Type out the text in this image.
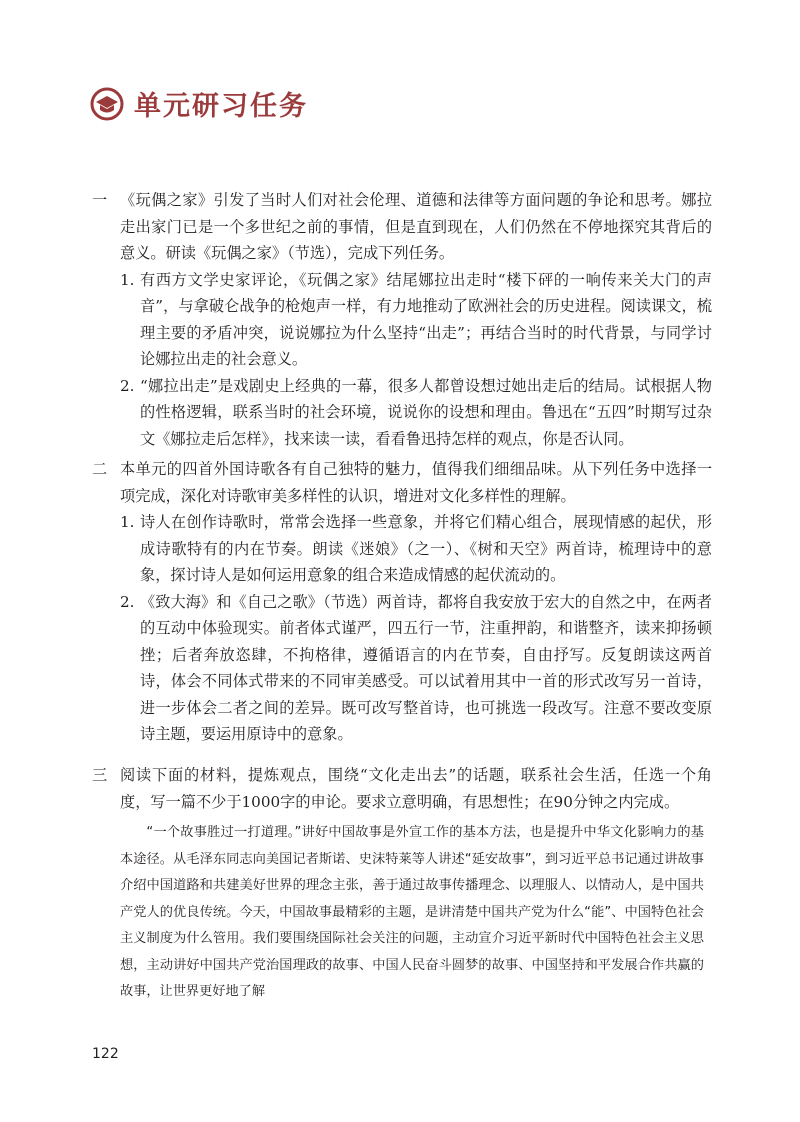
单元研习任务
一 《玩偶之家》引发了当时人们对社会伦理、道德和法律等方面问题的争论和思考。娜拉走出家门已是一个多世纪之前的事情，但是直到现在，人们仍然在不停地探究其背后的意义。研读《玩偶之家》（节选），完成下列任务。
1. 有西方文学史家评论，《玩偶之家》结尾娜拉出走时“楼下砰的一响传来关大门的声音”，与拿破仑战争的枪炮声一样，有力地推动了欧洲社会的历史进程。阅读课文，梳理主要的矛盾冲突，说说娜拉为什么坚持“出走”；再结合当时的时代背景，与同学讨论娜拉出走的社会意义。
2. “娜拉出走”是戏剧史上经典的一幕，很多人都曾设想过她出走后的结局。试根据人物的性格逻辑，联系当时的社会环境，说说你的设想和理由。鲁迅在“五四”时期写过杂文《娜拉走后怎样》，找来读一读，看看鲁迅持怎样的观点，你是否认同。
二 本单元的四首外国诗歌各有自己独特的魅力，值得我们细细品味。从下列任务中选择一项完成，深化对诗歌审美多样性的认识，增进对文化多样性的理解。
1. 诗人在创作诗歌时，常常会选择一些意象，并将它们精心组合，展现情感的起伏，形成诗歌特有的内在节奏。朗读《迷娘》（之一）、《树和天空》两首诗，梳理诗中的意象，探讨诗人是如何运用意象的组合来造成情感的起伏流动的。
2. 《致大海》和《自己之歌》（节选）两首诗，都将自我安放于宏大的自然之中，在两者的互动中体验现实。前者体式谨严，四五行一节，注重押韵，和谐整齐，读来抑扬顿挫；后者奔放恣肆，不拘格律，遵循语言的内在节奏，自由抒写。反复朗读这两首诗，体会不同体式带来的不同审美感受。可以试着用其中一首的形式改写另一首诗，进一步体会二者之间的差异。既可改写整首诗，也可挑选一段改写。注意不要改变原诗主题，要运用原诗中的意象。
三 阅读下面的材料，提炼观点，围绕“文化走出去”的话题，联系社会生活，任选一个角度，写一篇不少于1000字的申论。要求立意明确，有思想性；在90分钟之内完成。
“一个故事胜过一打道理。”讲好中国故事是外宣工作的基本方法，也是提升中华文化影响力的基本途径。从毛泽东同志向美国记者斯诺、史沫特莱等人讲述“延安故事”，到习近平总书记通过讲故事介绍中国道路和共建美好世界的理念主张，善于通过故事传播理念、以理服人、以情动人，是中国共产党人的优良传统。今天，中国故事最精彩的主题，是讲清楚中国共产党为什么“能”、中国特色社会主义制度为什么管用。我们要围绕国际社会关注的问题，主动宣介习近平新时代中国特色社会主义思想，主动讲好中国共产党治国理政的故事、中国人民奋斗圆梦的故事、中国坚持和平发展合作共赢的故事，让世界更好地了解
122
